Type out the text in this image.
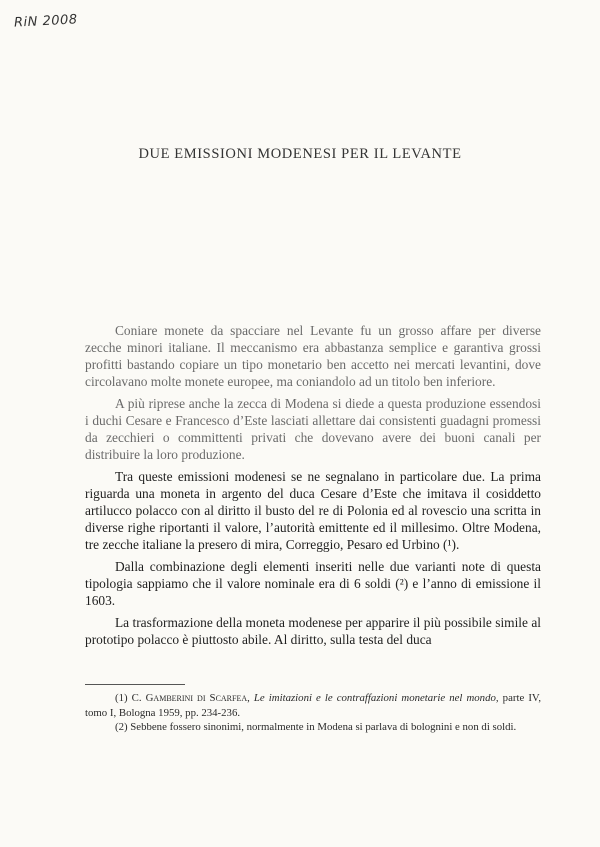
RiN 2008
DUE EMISSIONI MODENESI PER IL LEVANTE

Coniare monete da spacciare nel Levante fu un grosso affare per diverse zecche minori italiane. Il meccanismo era abbastanza semplice e garantiva grossi profitti bastando copiare un tipo monetario ben accetto nei mercati levantini, dove circolavano molte monete europee, ma coniandolo ad un titolo ben inferiore.

A più riprese anche la zecca di Modena si diede a questa produzione essendosi i duchi Cesare e Francesco d’Este lasciati allettare dai consistenti guadagni promessi da zecchieri o committenti privati che dovevano avere dei buoni canali per distribuire la loro produzione.

Tra queste emissioni modenesi se ne segnalano in particolare due. La prima riguarda una moneta in argento del duca Cesare d’Este che imitava il cosiddetto artilucco polacco con al diritto il busto del re di Polonia ed al rovescio una scritta in diverse righe riportanti il valore, l’autorità emittente ed il millesimo. Oltre Modena, tre zecche italiane la presero di mira, Correggio, Pesaro ed Urbino (¹).

Dalla combinazione degli elementi inseriti nelle due varianti note di questa tipologia sappiamo che il valore nominale era di 6 soldi (²) e l’anno di emissione il 1603.

La trasformazione della moneta modenese per apparire il più possibile simile al prototipo polacco è piuttosto abile. Al diritto, sulla testa del duca

(1) C. Gamberini di Scarfea, Le imitazioni e le contraffazioni monetarie nel mondo, parte IV, tomo I, Bologna 1959, pp. 234-236.

(2) Sebbene fossero sinonimi, normalmente in Modena si parlava di bolognini e non di soldi.
